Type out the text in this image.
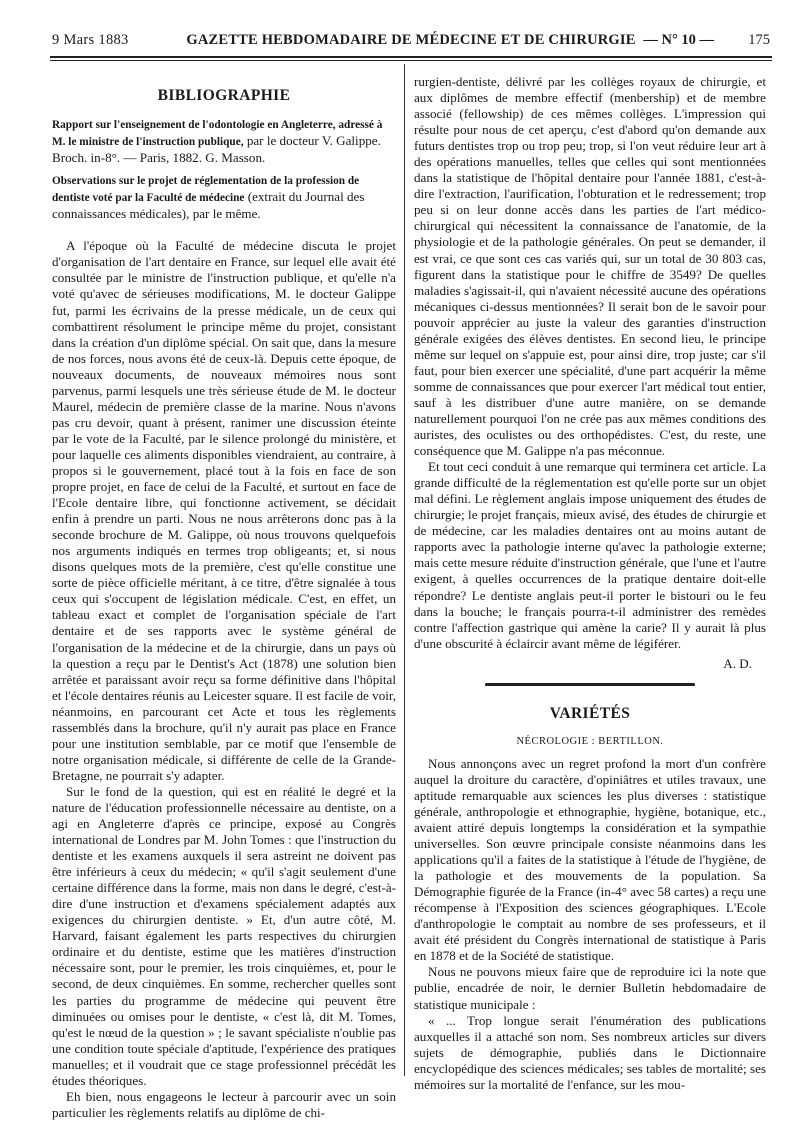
9 Mars 1883	GAZETTE HEBDOMADAIRE DE MÉDECINE ET DE CHIRURGIE — N° 10 — 175
BIBLIOGRAPHIE
Rapport sur l'enseignement de l'odontologie en Angleterre, adressé à M. le ministre de l'instruction publique, par le docteur V. Galippe. Broch. in-8°. — Paris, 1882. G. Masson.
Observations sur le projet de réglementation de la profession de dentiste voté par la Faculté de médecine (extrait du Journal des connaissances médicales), par le même.

A l'époque où la Faculté de médecine discuta le projet d'organisation de l'art dentaire en France, sur lequel elle avait été consultée par le ministre de l'instruction publique, et qu'elle n'a voté qu'avec de sérieuses modifications, M. le docteur Galippe fut, parmi les écrivains de la presse médicale, un de ceux qui combattirent résolument le principe même du projet, consistant dans la création d'un diplôme spécial. On sait que, dans la mesure de nos forces, nous avons été de ceux-là. Depuis cette époque, de nouveaux documents, de nouveaux mémoires nous sont parvenus, parmi lesquels une très sérieuse étude de M. le docteur Maurel, médecin de première classe de la marine. Nous n'avons pas cru devoir, quant à présent, ranimer une discussion éteinte par le vote de la Faculté, par le silence prolongé du ministère, et pour laquelle ces aliments disponibles viendraient, au contraire, à propos si le gouvernement, placé tout à la fois en face de son propre projet, en face de celui de la Faculté, et surtout en face de l'Ecole dentaire libre, qui fonctionne activement, se décidait enfin à prendre un parti. Nous ne nous arrêterons donc pas à la seconde brochure de M. Galippe, où nous trouvons quelquefois nos arguments indiqués en termes trop obligeants; et, si nous disons quelques mots de la première, c'est qu'elle constitue une sorte de pièce officielle méritant, à ce titre, d'être signalée à tous ceux qui s'occupent de législation médicale. C'est, en effet, un tableau exact et complet de l'organisation spéciale de l'art dentaire et de ses rapports avec le système général de l'organisation de la médecine et de la chirurgie, dans un pays où la question a reçu par le Dentist's Act (1878) une solution bien arrêtée et paraissant avoir reçu sa forme définitive dans l'hôpital et l'école dentaires réunis au Leicester square. Il est facile de voir, néanmoins, en parcourant cet Acte et tous les règlements rassemblés dans la brochure, qu'il n'y aurait pas place en France pour une institution semblable, par ce motif que l'ensemble de notre organisation médicale, si différente de celle de la Grande-Bretagne, ne pourrait s'y adapter.

Sur le fond de la question, qui est en réalité le degré et la nature de l'éducation professionnelle nécessaire au dentiste, on a agi en Angleterre d'après ce principe, exposé au Congrès international de Londres par M. John Tomes : que l'instruction du dentiste et les examens auxquels il sera astreint ne doivent pas être inférieurs à ceux du médecin; « qu'il s'agit seulement d'une certaine différence dans la forme, mais non dans le degré, c'est-à-dire d'une instruction et d'examens spécialement adaptés aux exigences du chirurgien dentiste. » Et, d'un autre côté, M. Harvard, faisant également les parts respectives du chirurgien ordinaire et du dentiste, estime que les matières d'instruction nécessaire sont, pour le premier, les trois cinquièmes, et, pour le second, de deux cinquièmes. En somme, rechercher quelles sont les parties du programme de médecine qui peuvent être diminuées ou omises pour le dentiste, « c'est là, dit M. Tomes, qu'est le nœud de la question » ; le savant spécialiste n'oublie pas une condition toute spéciale d'aptitude, l'expérience des pratiques manuelles; et il voudrait que ce stage professionnel précédât les études théoriques.

Eh bien, nous engageons le lecteur à parcourir avec un soin particulier les règlements relatifs au diplôme de chi-

rurgien-dentiste, délivré par les collèges royaux de chirurgie, et aux diplômes de membre effectif (menbership) et de membre associé (fellowship) de ces mêmes collèges. L'impression qui résulte pour nous de cet aperçu, c'est d'abord qu'on demande aux futurs dentistes trop ou trop peu; trop, si l'on veut réduire leur art à des opérations manuelles, telles que celles qui sont mentionnées dans la statistique de l'hôpital dentaire pour l'année 1881, c'est-à-dire l'extraction, l'aurification, l'obturation et le redressement; trop peu si on leur donne accès dans les parties de l'art médico-chirurgical qui nécessitent la connaissance de l'anatomie, de la physiologie et de la pathologie générales. On peut se demander, il est vrai, ce que sont ces cas variés qui, sur un total de 30 803 cas, figurent dans la statistique pour le chiffre de 3549? De quelles maladies s'agissait-il, qui n'avaient nécessité aucune des opérations mécaniques ci-dessus mentionnées? Il serait bon de le savoir pour pouvoir apprécier au juste la valeur des garanties d'instruction générale exigées des élèves dentistes. En second lieu, le principe même sur lequel on s'appuie est, pour ainsi dire, trop juste; car s'il faut, pour bien exercer une spécialité, d'une part acquérir la même somme de connaissances que pour exercer l'art médical tout entier, sauf à les distribuer d'une autre manière, on se demande naturellement pourquoi l'on ne crée pas aux mêmes conditions des auristes, des oculistes ou des orthopédistes. C'est, du reste, une conséquence que M. Galippe n'a pas méconnue.

Et tout ceci conduit à une remarque qui terminera cet article. La grande difficulté de la réglementation est qu'elle porte sur un objet mal défini. Le règlement anglais impose uniquement des études de chirurgie; le projet français, mieux avisé, des études de chirurgie et de médecine, car les maladies dentaires ont au moins autant de rapports avec la pathologie interne qu'avec la pathologie externe; mais cette mesure réduite d'instruction générale, que l'une et l'autre exigent, à quelles occurrences de la pratique dentaire doit-elle répondre? Le dentiste anglais peut-il porter le bistouri ou le feu dans la bouche; le français pourra-t-il administrer des remèdes contre l'affection gastrique qui amène la carie? Il y aurait là plus d'une obscurité à éclaircir avant même de légiférer.

A. D.
VARIÉTÉS
NÉCROLOGIE : BERTILLON.

Nous annonçons avec un regret profond la mort d'un confrère auquel la droiture du caractère, d'opiniâtres et utiles travaux, une aptitude remarquable aux sciences les plus diverses : statistique générale, anthropologie et ethnographie, hygiène, botanique, etc., avaient attiré depuis longtemps la considération et la sympathie universelles. Son œuvre principale consiste néanmoins dans les applications qu'il a faites de la statistique à l'étude de l'hygiène, de la pathologie et des mouvements de la population. Sa Démographie figurée de la France (in-4° avec 58 cartes) a reçu une récompense à l'Exposition des sciences géographiques. L'Ecole d'anthropologie le comptait au nombre de ses professeurs, et il avait été président du Congrès international de statistique à Paris en 1878 et de la Société de statistique.

Nous ne pouvons mieux faire que de reproduire ici la note que publie, encadrée de noir, le dernier Bulletin hebdomadaire de statistique municipale :

« ... Trop longue serait l'énumération des publications auxquelles il a attaché son nom. Ses nombreux articles sur divers sujets de démographie, publiés dans le Dictionnaire encyclopédique des sciences médicales; ses tables de mortalité; ses mémoires sur la mortalité de l'enfance, sur les mou-
